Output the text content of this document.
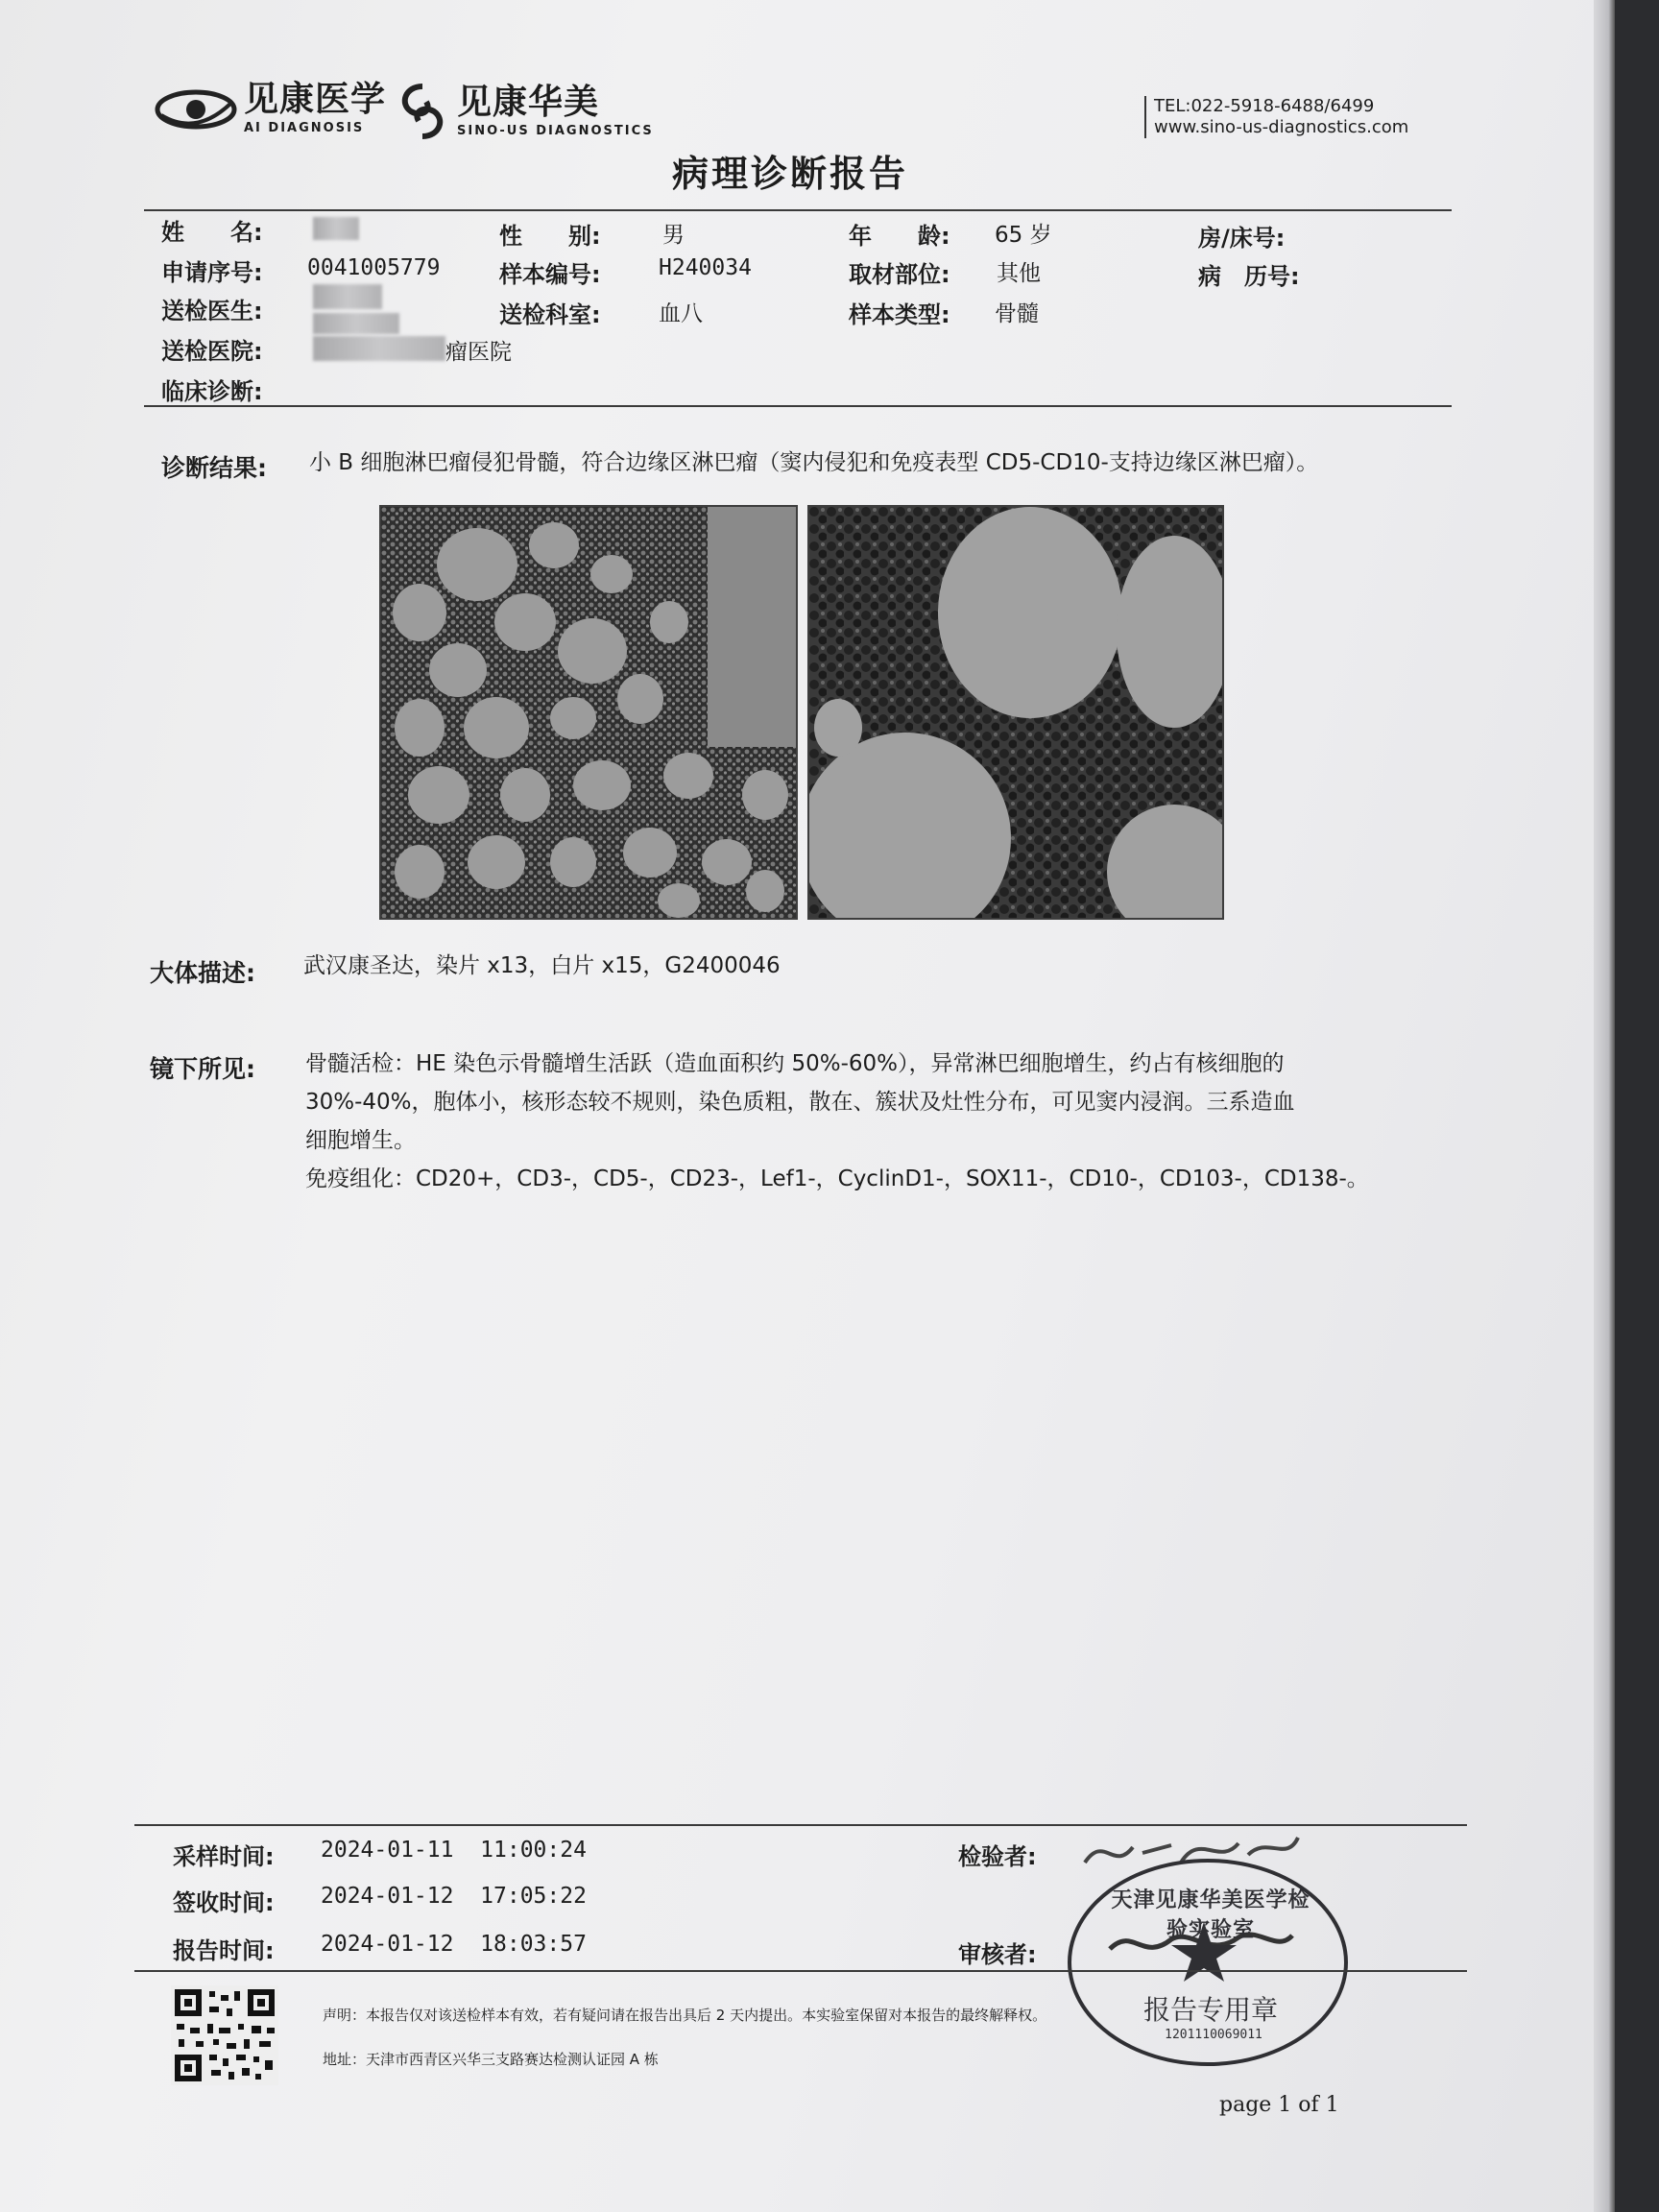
见康医学
AI DIAGNOSIS
见康华美
SINO-US DIAGNOSTICS
TEL:022-5918-6488/6499
www.sino-us-diagnostics.com
病理诊断报告
姓　　名:	性　　别:	男	年　　龄: 65 岁	房/床号:
申请序号: 0041005779	样本编号:	H240034	取材部位: 其他	病　历号:
送检医生:	送检科室:	血八	样本类型: 骨髓
送检医院:	瘤医院
临床诊断:
诊断结果: 小 B 细胞淋巴瘤侵犯骨髓，符合边缘区淋巴瘤（窦内侵犯和免疫表型 CD5-CD10-支持边缘区淋巴瘤）。
大体描述: 武汉康圣达，染片 x13，白片 x15，G2400046
镜下所见: 骨髓活检：HE 染色示骨髓增生活跃（造血面积约 50%-60%），异常淋巴细胞增生，约占有核细胞的
30%-40%，胞体小，核形态较不规则，染色质粗，散在、簇状及灶性分布，可见窦内浸润。三系造血
细胞增生。
免疫组化：CD20+，CD3-，CD5-，CD23-，Lef1-，CyclinD1-，SOX11-，CD10-，CD103-，CD138-。
采样时间: 2024-01-11  11:00:24
签收时间: 2024-01-12  17:05:22
报告时间: 2024-01-12  18:03:57
检验者:
审核者:
天津见康华美医学检验实验室
报告专用章
1201110069011
声明：本报告仅对该送检样本有效，若有疑问请在报告出具后 2 天内提出。本实验室保留对本报告的最终解释权。
地址：天津市西青区兴华三支路赛达检测认证园 A 栋
page 1 of 1
